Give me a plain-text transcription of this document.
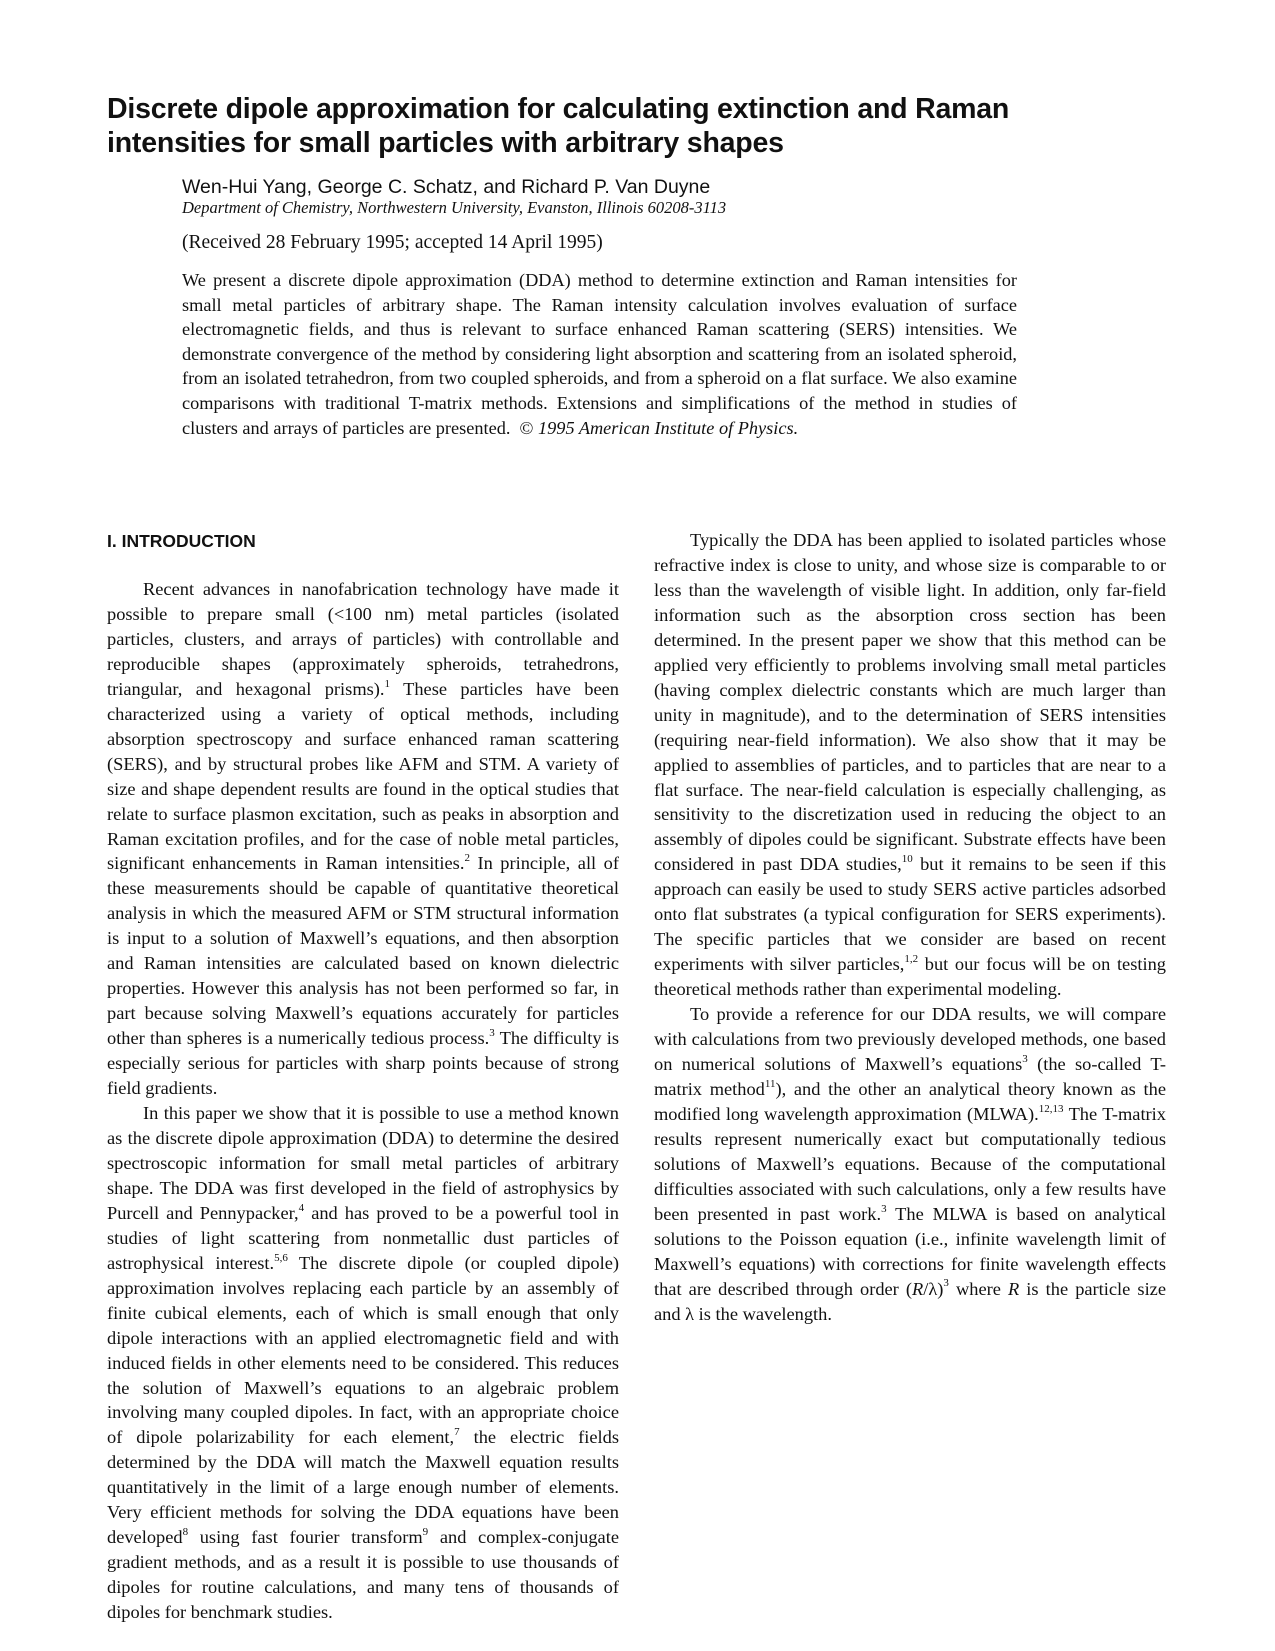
Discrete dipole approximation for calculating extinction and Raman intensities for small particles with arbitrary shapes
Wen-Hui Yang, George C. Schatz, and Richard P. Van Duyne
Department of Chemistry, Northwestern University, Evanston, Illinois 60208-3113
(Received 28 February 1995; accepted 14 April 1995)

We present a discrete dipole approximation (DDA) method to determine extinction and Raman intensities for small metal particles of arbitrary shape. The Raman intensity calculation involves evaluation of surface electromagnetic fields, and thus is relevant to surface enhanced Raman scattering (SERS) intensities. We demonstrate convergence of the method by considering light absorption and scattering from an isolated spheroid, from an isolated tetrahedron, from two coupled spheroids, and from a spheroid on a flat surface. We also examine comparisons with traditional T-matrix methods. Extensions and simplifications of the method in studies of clusters and arrays of particles are presented. © 1995 American Institute of Physics.

I. INTRODUCTION

Recent advances in nanofabrication technology have made it possible to prepare small (<100 nm) metal particles (isolated particles, clusters, and arrays of particles) with controllable and reproducible shapes (approximately spheroids, tetrahedrons, triangular, and hexagonal prisms).$^1$ These particles have been characterized using a variety of optical methods, including absorption spectroscopy and surface enhanced raman scattering (SERS), and by structural probes like AFM and STM. A variety of size and shape dependent results are found in the optical studies that relate to surface plasmon excitation, such as peaks in absorption and Raman excitation profiles, and for the case of noble metal particles, significant enhancements in Raman intensities.$^2$ In principle, all of these measurements should be capable of quantitative theoretical analysis in which the measured AFM or STM structural information is input to a solution of Maxwell’s equations, and then absorption and Raman intensities are calculated based on known dielectric properties. However this analysis has not been performed so far, in part because solving Maxwell’s equations accurately for particles other than spheres is a numerically tedious process.$^3$ The difficulty is especially serious for particles with sharp points because of strong field gradients.

In this paper we show that it is possible to use a method known as the discrete dipole approximation (DDA) to determine the desired spectroscopic information for small metal particles of arbitrary shape. The DDA was first developed in the field of astrophysics by Purcell and Pennypacker,$^4$ and has proved to be a powerful tool in studies of light scattering from nonmetallic dust particles of astrophysical interest.$^{5,6}$ The discrete dipole (or coupled dipole) approximation involves replacing each particle by an assembly of finite cubical elements, each of which is small enough that only dipole interactions with an applied electromagnetic field and with induced fields in other elements need to be considered. This reduces the solution of Maxwell’s equations to an algebraic problem involving many coupled dipoles. In fact, with an appropriate choice of dipole polarizability for each element,$^7$ the electric fields determined by the DDA will match the Maxwell equation results quantitatively in the limit of a large enough number of elements. Very efficient methods for solving the DDA equations have been developed$^8$ using fast fourier transform$^9$ and complex-conjugate gradient methods, and as a result it is possible to use thousands of dipoles for routine calculations, and many tens of thousands of dipoles for benchmark studies.

Typically the DDA has been applied to isolated particles whose refractive index is close to unity, and whose size is comparable to or less than the wavelength of visible light. In addition, only far-field information such as the absorption cross section has been determined. In the present paper we show that this method can be applied very efficiently to problems involving small metal particles (having complex dielectric constants which are much larger than unity in magnitude), and to the determination of SERS intensities (requiring near-field information). We also show that it may be applied to assemblies of particles, and to particles that are near to a flat surface. The near-field calculation is especially challenging, as sensitivity to the discretization used in reducing the object to an assembly of dipoles could be significant. Substrate effects have been considered in past DDA studies,$^{10}$ but it remains to be seen if this approach can easily be used to study SERS active particles adsorbed onto flat substrates (a typical configuration for SERS experiments). The specific particles that we consider are based on recent experiments with silver particles,$^{1,2}$ but our focus will be on testing theoretical methods rather than experimental modeling.

To provide a reference for our DDA results, we will compare with calculations from two previously developed methods, one based on numerical solutions of Maxwell’s equations$^3$ (the so-called T-matrix method$^{11}$), and the other an analytical theory known as the modified long wavelength approximation (MLWA).$^{12,13}$ The T-matrix results represent numerically exact but computationally tedious solutions of Maxwell’s equations. Because of the computational difficulties associated with such calculations, only a few results have been presented in past work.$^3$ The MLWA is based on analytical solutions to the Poisson equation (i.e., infinite wavelength limit of Maxwell’s equations) with corrections for finite wavelength effects that are described through order $(R/\lambda)^3$ where R is the particle size and λ is the wavelength.
